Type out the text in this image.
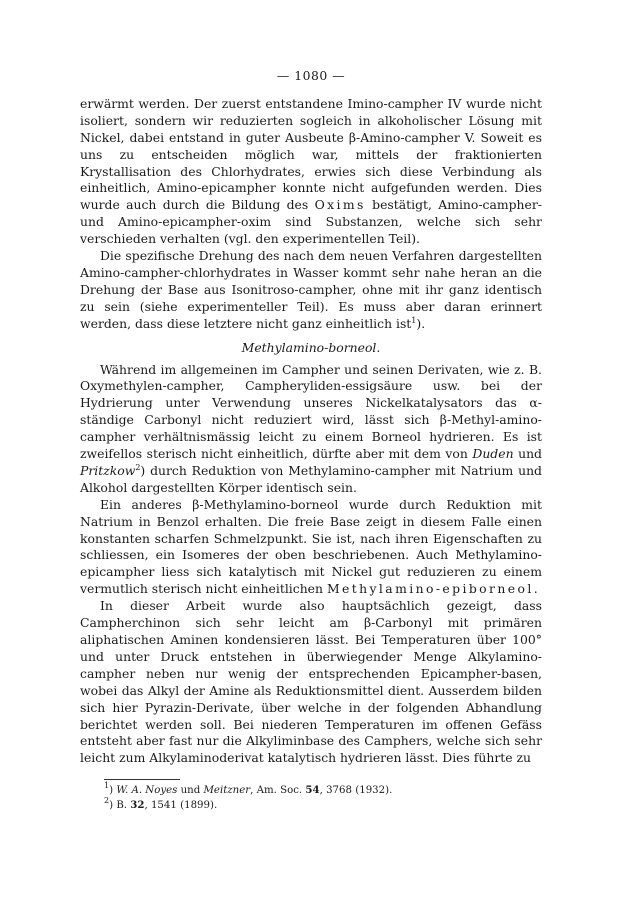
— 1080 —

erwärmt werden. Der zuerst entstandene Imino-campher IV wurde nicht isoliert, sondern wir reduzierten sogleich in alkoholischer Lösung mit Nickel, dabei entstand in guter Ausbeute β-Amino-campher V. Soweit es uns zu entscheiden möglich war, mittels der fraktionierten Krystallisation des Chlorhydrates, erwies sich diese Verbindung als einheitlich, Amino-epicampher konnte nicht aufgefunden werden. Dies wurde auch durch die Bildung des Oxims bestätigt, Amino-campher- und Amino-epicampher-oxim sind Substanzen, welche sich sehr verschieden verhalten (vgl. den experimentellen Teil).

Die spezifische Drehung des nach dem neuen Verfahren dargestellten Amino-campher-chlorhydrates in Wasser kommt sehr nahe heran an die Drehung der Base aus Isonitroso-campher, ohne mit ihr ganz identisch zu sein (siehe experimenteller Teil). Es muss aber daran erinnert werden, dass diese letztere nicht ganz einheitlich ist$^1$).

Methylamino-borneol.

Während im allgemeinen im Campher und seinen Derivaten, wie z. B. Oxymethylen-campher, Campheryliden-essigsäure usw. bei der Hydrierung unter Verwendung unseres Nickelkatalysators das α-ständige Carbonyl nicht reduziert wird, lässt sich β-Methyl-amino-campher verhältnismässig leicht zu einem Borneol hydrieren. Es ist zweifellos sterisch nicht einheitlich, dürfte aber mit dem von Duden und Pritzkow$^2$) durch Reduktion von Methylamino-campher mit Natrium und Alkohol dargestellten Körper identisch sein.

Ein anderes β-Methylamino-borneol wurde durch Reduktion mit Natrium in Benzol erhalten. Die freie Base zeigt in diesem Falle einen konstanten scharfen Schmelzpunkt. Sie ist, nach ihren Eigenschaften zu schliessen, ein Isomeres der oben beschriebenen. Auch Methylamino-epicampher liess sich katalytisch mit Nickel gut reduzieren zu einem vermutlich sterisch nicht einheitlichen Methylamino-epiborneol.

In dieser Arbeit wurde also hauptsächlich gezeigt, dass Campherchinon sich sehr leicht am β-Carbonyl mit primären aliphatischen Aminen kondensieren lässt. Bei Temperaturen über 100° und unter Druck entstehen in überwiegender Menge Alkylamino-campher neben nur wenig der entsprechenden Epicampher-basen, wobei das Alkyl der Amine als Reduktionsmittel dient. Ausserdem bilden sich hier Pyrazin-Derivate, über welche in der folgenden Abhandlung berichtet werden soll. Bei niederen Temperaturen im offenen Gefäss entsteht aber fast nur die Alkyliminbase des Camphers, welche sich sehr leicht zum Alkylaminoderivat katalytisch hydrieren lässt. Dies führte zu

$^1$) W. A. Noyes und Meitzner, Am. Soc. 54, 3768 (1932).
$^2$) B. 32, 1541 (1899).
